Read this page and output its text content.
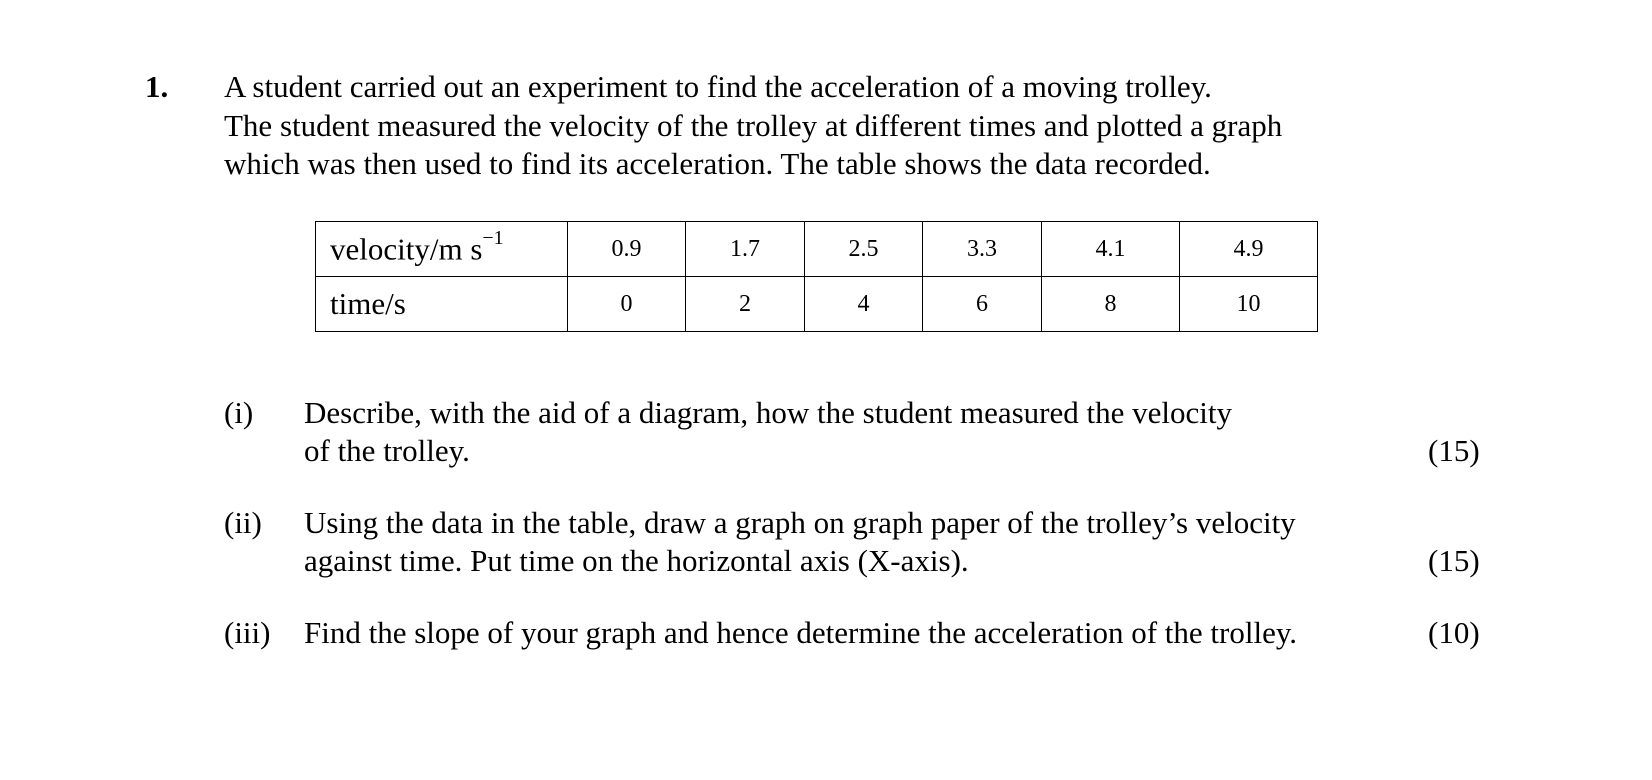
1. A student carried out an experiment to find the acceleration of a moving trolley.
The student measured the velocity of the trolley at different times and plotted a graph
which was then used to find its acceleration. The table shows the data recorded.
velocity/m $s^{-1}$	0.9	1.7	2.5	3.3	4.1	4.9
time/s	0	2	4	6	8	10
(i) Describe, with the aid of a diagram, how the student measured the velocity
of the trolley.	(15)
(ii) Using the data in the table, draw a graph on graph paper of the trolley’s velocity
against time. Put time on the horizontal axis (X-axis).	(15)
(iii) Find the slope of your graph and hence determine the acceleration of the trolley.	(10)
